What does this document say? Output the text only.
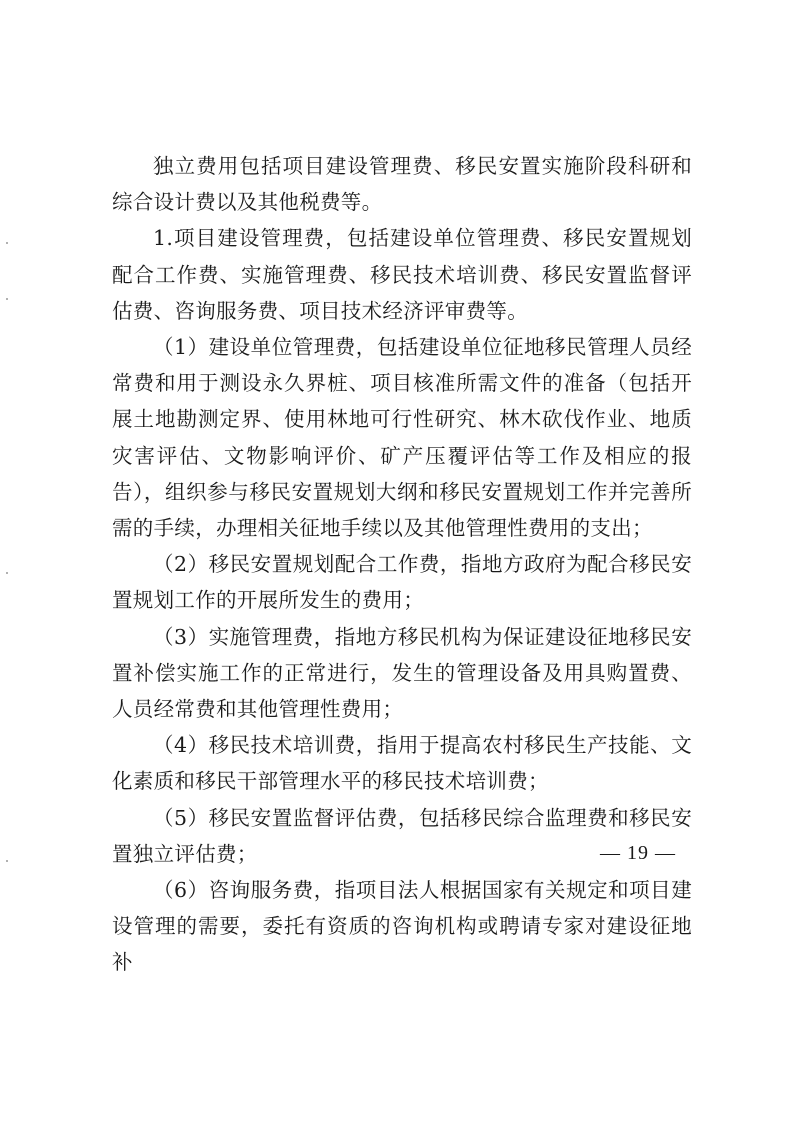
独立费用包括项目建设管理费、移民安置实施阶段科研和综合设计费以及其他税费等。

1.项目建设管理费，包括建设单位管理费、移民安置规划配合工作费、实施管理费、移民技术培训费、移民安置监督评估费、咨询服务费、项目技术经济评审费等。

（1）建设单位管理费，包括建设单位征地移民管理人员经常费和用于测设永久界桩、项目核准所需文件的准备（包括开展土地勘测定界、使用林地可行性研究、林木砍伐作业、地质灾害评估、文物影响评价、矿产压覆评估等工作及相应的报告），组织参与移民安置规划大纲和移民安置规划工作并完善所需的手续，办理相关征地手续以及其他管理性费用的支出；

（2）移民安置规划配合工作费，指地方政府为配合移民安置规划工作的开展所发生的费用；

（3）实施管理费，指地方移民机构为保证建设征地移民安置补偿实施工作的正常进行，发生的管理设备及用具购置费、人员经常费和其他管理性费用；

（4）移民技术培训费，指用于提高农村移民生产技能、文化素质和移民干部管理水平的移民技术培训费；

（5）移民安置监督评估费，包括移民综合监理费和移民安置独立评估费；

（6）咨询服务费，指项目法人根据国家有关规定和项目建设管理的需要，委托有资质的咨询机构或聘请专家对建设征地补

— 19 —
